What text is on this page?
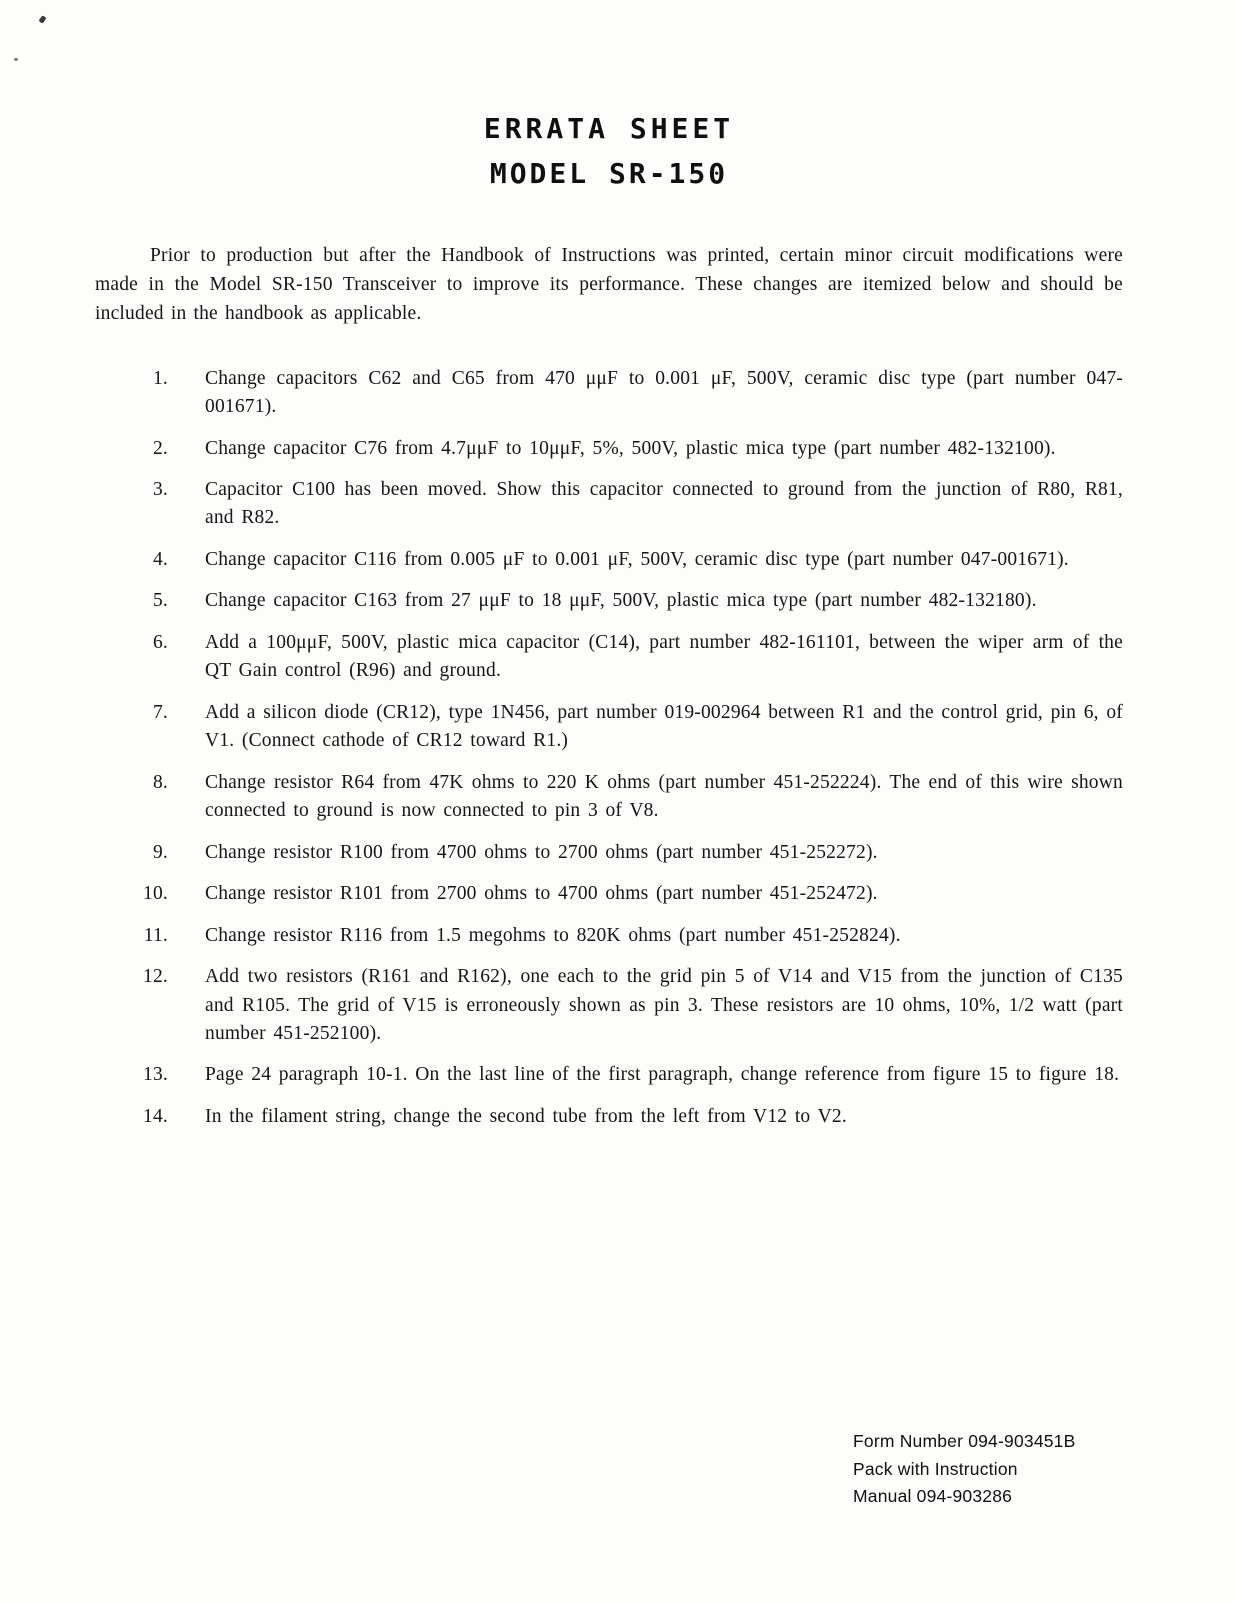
ERRATA SHEET
MODEL SR-150

Prior to production but after the Handbook of Instructions was printed, certain minor circuit modifications were made in the Model SR-150 Transceiver to improve its performance. These changes are itemized below and should be included in the handbook as applicable.

1. Change capacitors C62 and C65 from 470 μμF to 0.001 μF, 500V, ceramic disc type (part number 047-001671).
2. Change capacitor C76 from 4.7μμF to 10μμF, 5%, 500V, plastic mica type (part number 482-132100).
3. Capacitor C100 has been moved. Show this capacitor connected to ground from the junction of R80, R81, and R82.
4. Change capacitor C116 from 0.005 μF to 0.001 μF, 500V, ceramic disc type (part number 047-001671).
5. Change capacitor C163 from 27 μμF to 18 μμF, 500V, plastic mica type (part number 482-132180).
6. Add a 100μμF, 500V, plastic mica capacitor (C14), part number 482-161101, between the wiper arm of the QT Gain control (R96) and ground.
7. Add a silicon diode (CR12), type 1N456, part number 019-002964 between R1 and the control grid, pin 6, of V1. (Connect cathode of CR12 toward R1.)
8. Change resistor R64 from 47K ohms to 220 K ohms (part number 451-252224). The end of this wire shown connected to ground is now connected to pin 3 of V8.
9. Change resistor R100 from 4700 ohms to 2700 ohms (part number 451-252272).
10. Change resistor R101 from 2700 ohms to 4700 ohms (part number 451-252472).
11. Change resistor R116 from 1.5 megohms to 820K ohms (part number 451-252824).
12. Add two resistors (R161 and R162), one each to the grid pin 5 of V14 and V15 from the junction of C135 and R105. The grid of V15 is erroneously shown as pin 3. These resistors are 10 ohms, 10%, 1/2 watt (part number 451-252100).
13. Page 24 paragraph 10-1. On the last line of the first paragraph, change reference from figure 15 to figure 18.
14. In the filament string, change the second tube from the left from V12 to V2.
Form Number 094-903451B
Pack with Instruction
Manual 094-903286
